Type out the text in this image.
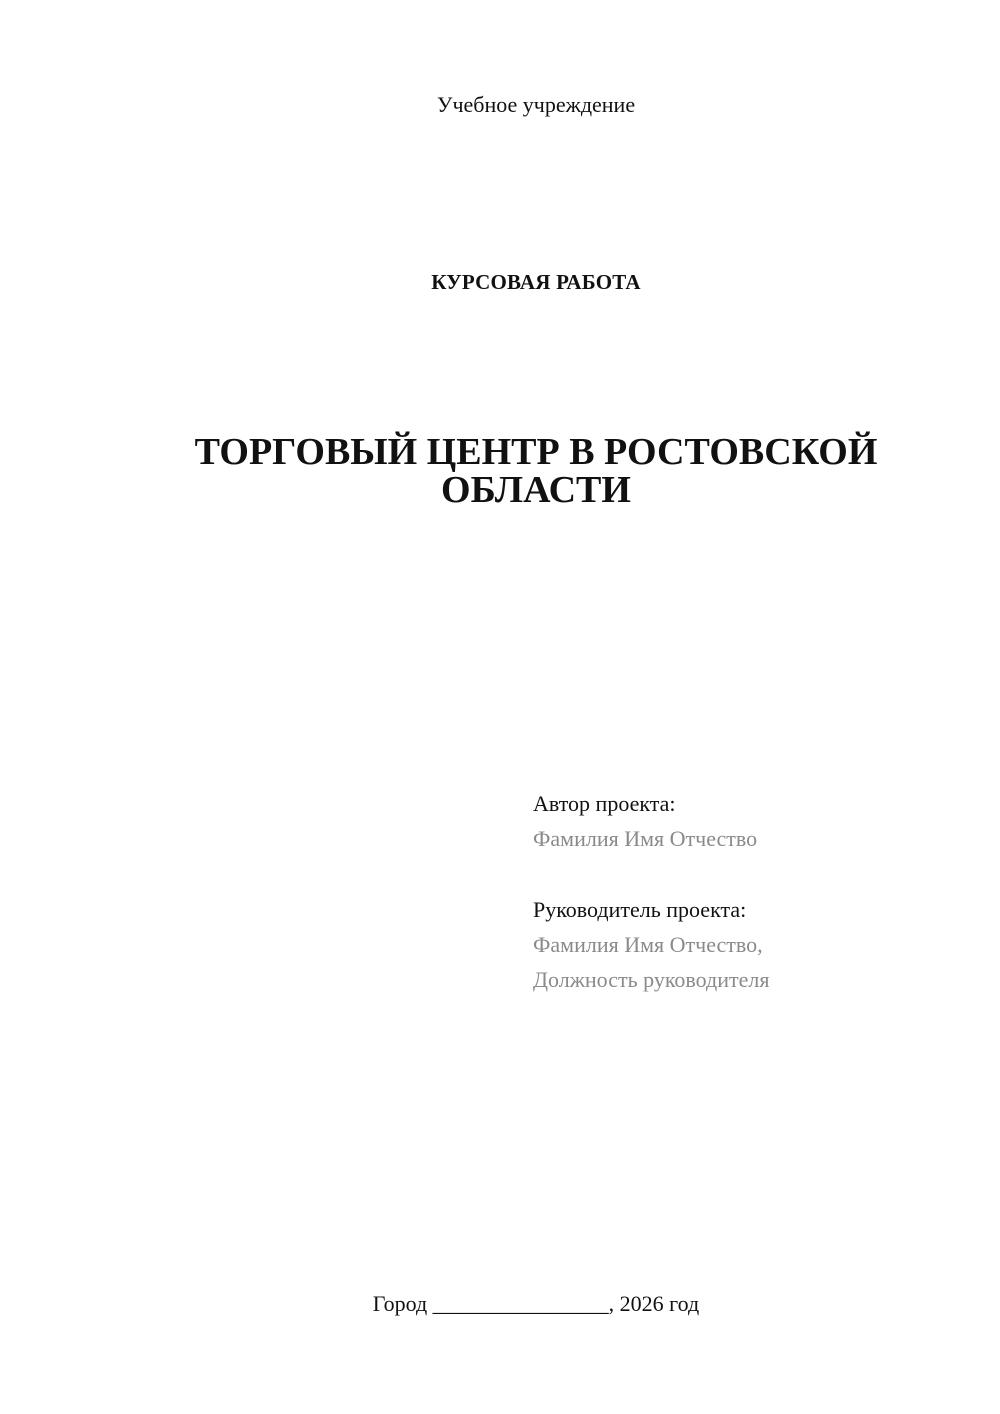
Учебное учреждение
КУРСОВАЯ РАБОТА
ТОРГОВЫЙ ЦЕНТР В РОСТОВСКОЙ
ОБЛАСТИ
Автор проекта:
Фамилия Имя Отчество
Руководитель проекта:
Фамилия Имя Отчество,
Должность руководителя
Город ________________, 2026 год
